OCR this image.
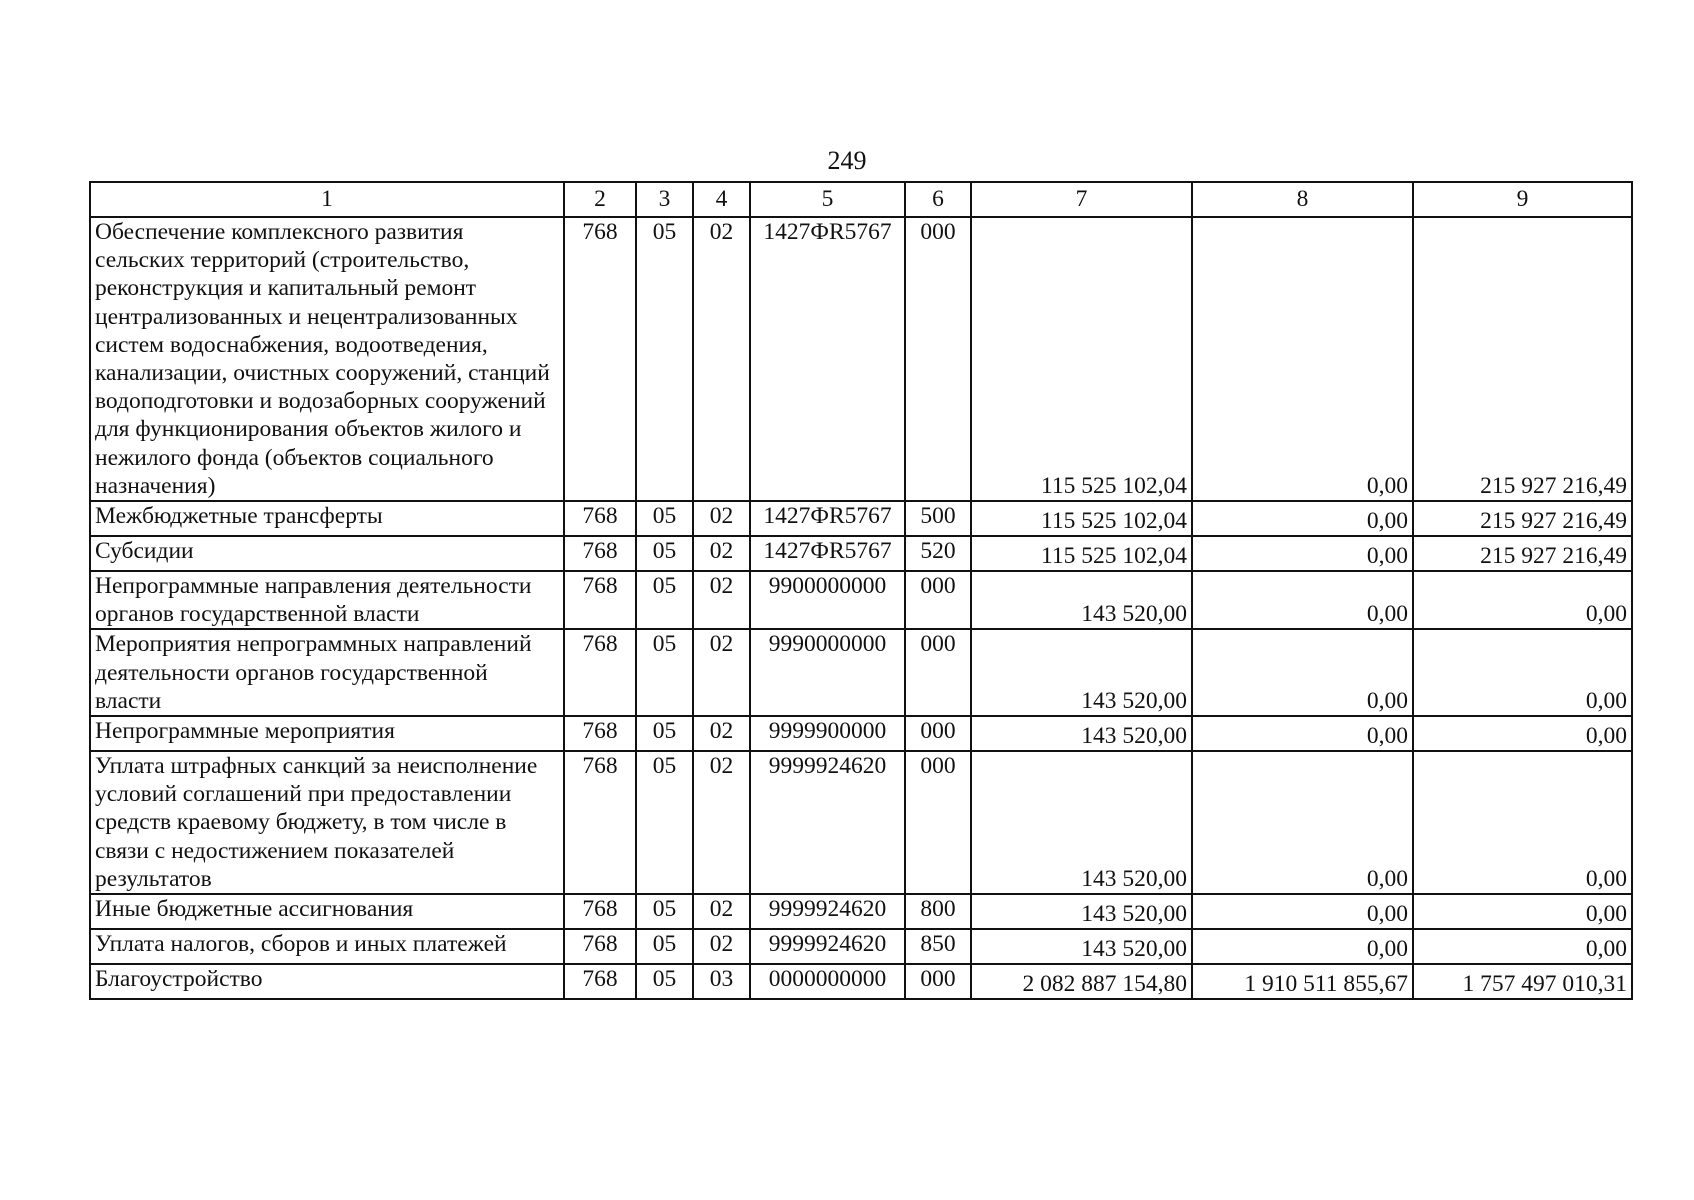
249
1	2	3	4	5	6	7	8	9
Обеспечение комплексного развития сельских территорий (строительство, реконструкция и капитальный ремонт централизованных и нецентрализованных систем водоснабжения, водоотведения, канализации, очистных сооружений, станций водоподготовки и водозаборных сооружений для функционирования объектов жилого и нежилого фонда (объектов социального назначения)	768	05	02	1427ФR5767	000	115 525 102,04	0,00	215 927 216,49
Межбюджетные трансферты	768	05	02	1427ФR5767	500	115 525 102,04	0,00	215 927 216,49
Субсидии	768	05	02	1427ФR5767	520	115 525 102,04	0,00	215 927 216,49
Непрограммные направления деятельности органов государственной власти	768	05	02	9900000000	000	143 520,00	0,00	0,00
Мероприятия непрограммных направлений деятельности органов государственной власти	768	05	02	9990000000	000	143 520,00	0,00	0,00
Непрограммные мероприятия	768	05	02	9999900000	000	143 520,00	0,00	0,00
Уплата штрафных санкций за неисполнение условий соглашений при предоставлении средств краевому бюджету, в том числе в связи с недостижением показателей результатов	768	05	02	9999924620	000	143 520,00	0,00	0,00
Иные бюджетные ассигнования	768	05	02	9999924620	800	143 520,00	0,00	0,00
Уплата налогов, сборов и иных платежей	768	05	02	9999924620	850	143 520,00	0,00	0,00
Благоустройство	768	05	03	0000000000	000	2 082 887 154,80	1 910 511 855,67	1 757 497 010,31
